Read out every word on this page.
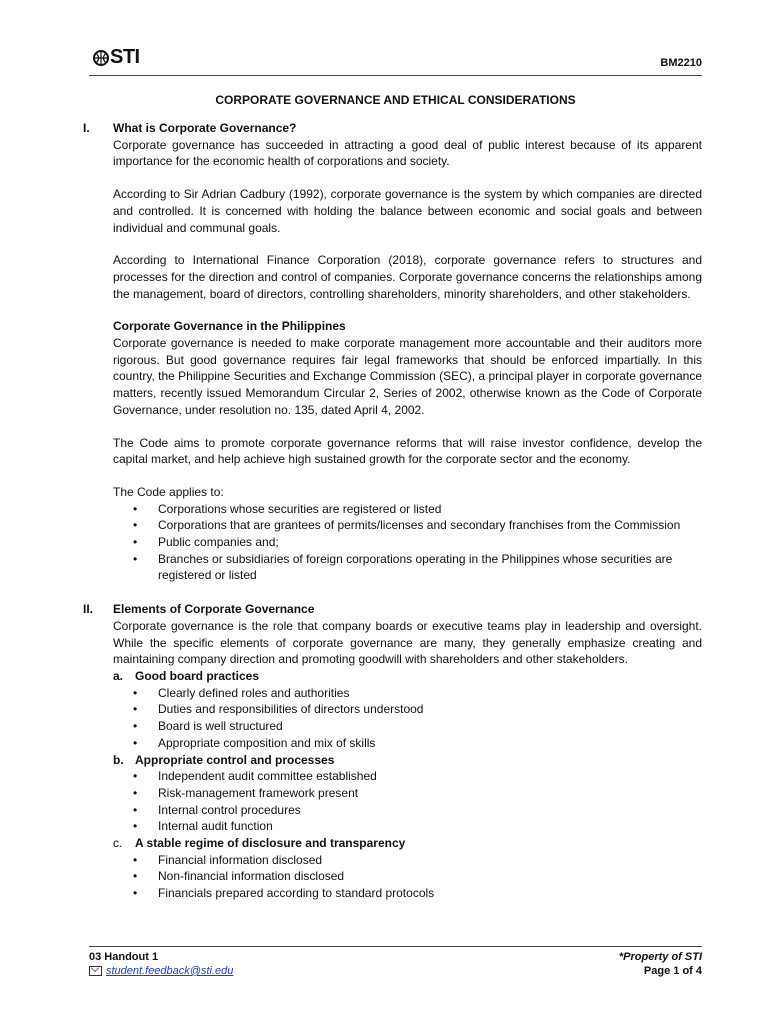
STI	BM2210
CORPORATE GOVERNANCE AND ETHICAL CONSIDERATIONS
I.	What is Corporate Governance?

Corporate governance has succeeded in attracting a good deal of public interest because of its apparent importance for the economic health of corporations and society.

According to Sir Adrian Cadbury (1992), corporate governance is the system by which companies are directed and controlled. It is concerned with holding the balance between economic and social goals and between individual and communal goals.

According to International Finance Corporation (2018), corporate governance refers to structures and processes for the direction and control of companies. Corporate governance concerns the relationships among the management, board of directors, controlling shareholders, minority shareholders, and other stakeholders.

Corporate Governance in the Philippines

Corporate governance is needed to make corporate management more accountable and their auditors more rigorous. But good governance requires fair legal frameworks that should be enforced impartially. In this country, the Philippine Securities and Exchange Commission (SEC), a principal player in corporate governance matters, recently issued Memorandum Circular 2, Series of 2002, otherwise known as the Code of Corporate Governance, under resolution no. 135, dated April 4, 2002.

The Code aims to promote corporate governance reforms that will raise investor confidence, develop the capital market, and help achieve high sustained growth for the corporate sector and the economy.

The Code applies to:

• Corporations whose securities are registered or listed
• Corporations that are grantees of permits/licenses and secondary franchises from the Commission
• Public companies and;
• Branches or subsidiaries of foreign corporations operating in the Philippines whose securities are registered or listed
II.	Elements of Corporate Governance

Corporate governance is the role that company boards or executive teams play in leadership and oversight. While the specific elements of corporate governance are many, they generally emphasize creating and maintaining company direction and promoting goodwill with shareholders and other stakeholders.

a. Good board practices
• Clearly defined roles and authorities
• Duties and responsibilities of directors understood
• Board is well structured
• Appropriate composition and mix of skills
b. Appropriate control and processes
• Independent audit committee established
• Risk-management framework present
• Internal control procedures
• Internal audit function
c. A stable regime of disclosure and transparency
• Financial information disclosed
• Non-financial information disclosed
• Financials prepared according to standard protocols
03 Handout 1
student.feedback@sti.edu
*Property of STI
Page 1 of 4
